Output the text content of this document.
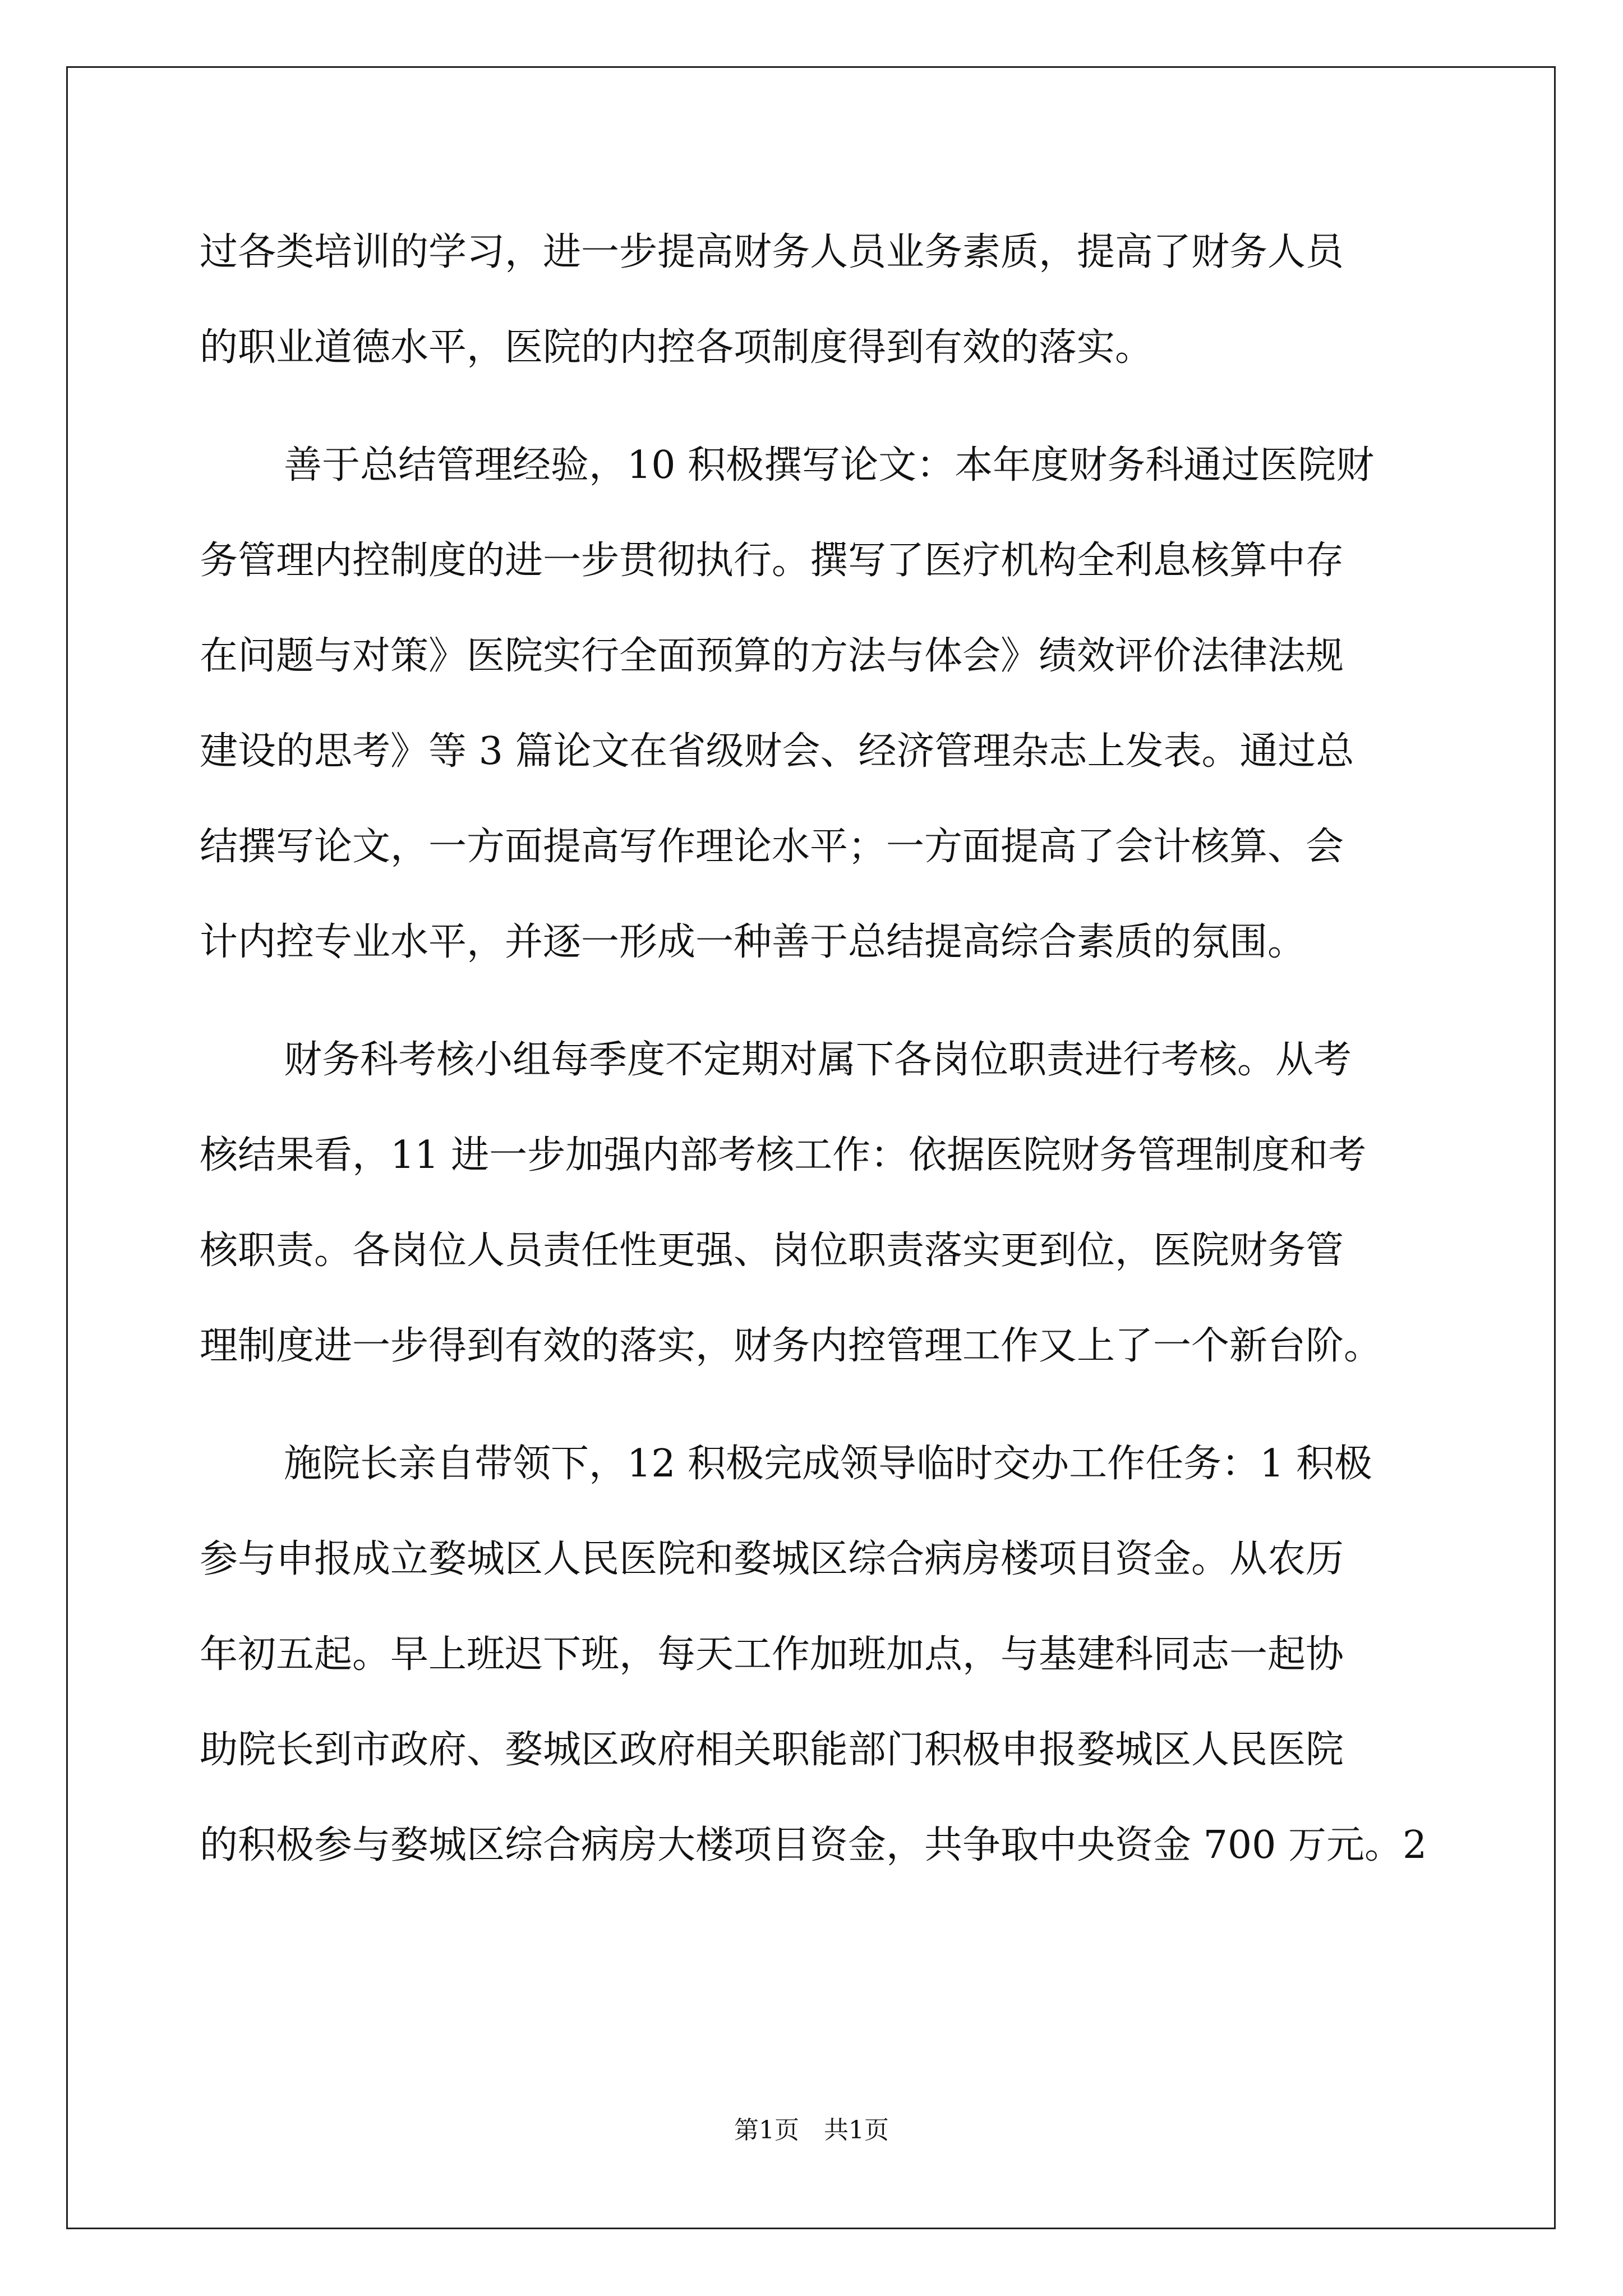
过各类培训的学习，进一步提高财务人员业务素质，提高了财务人员
的职业道德水平，医院的内控各项制度得到有效的落实。
善于总结管理经验，10 积极撰写论文：本年度财务科通过医院财
务管理内控制度的进一步贯彻执行。撰写了医疗机构全利息核算中存
在问题与对策》医院实行全面预算的方法与体会》绩效评价法律法规
建设的思考》等 3 篇论文在省级财会、经济管理杂志上发表。通过总
结撰写论文，一方面提高写作理论水平；一方面提高了会计核算、会
计内控专业水平，并逐一形成一种善于总结提高综合素质的氛围。
财务科考核小组每季度不定期对属下各岗位职责进行考核。从考
核结果看，11 进一步加强内部考核工作：依据医院财务管理制度和考
核职责。各岗位人员责任性更强、岗位职责落实更到位，医院财务管
理制度进一步得到有效的落实，财务内控管理工作又上了一个新台阶。
施院长亲自带领下，12 积极完成领导临时交办工作任务：1 积极
参与申报成立婺城区人民医院和婺城区综合病房楼项目资金。从农历
年初五起。早上班迟下班，每天工作加班加点，与基建科同志一起协
助院长到市政府、婺城区政府相关职能部门积极申报婺城区人民医院
的积极参与婺城区综合病房大楼项目资金，共争取中央资金 700 万元。2
第1页　共1页
